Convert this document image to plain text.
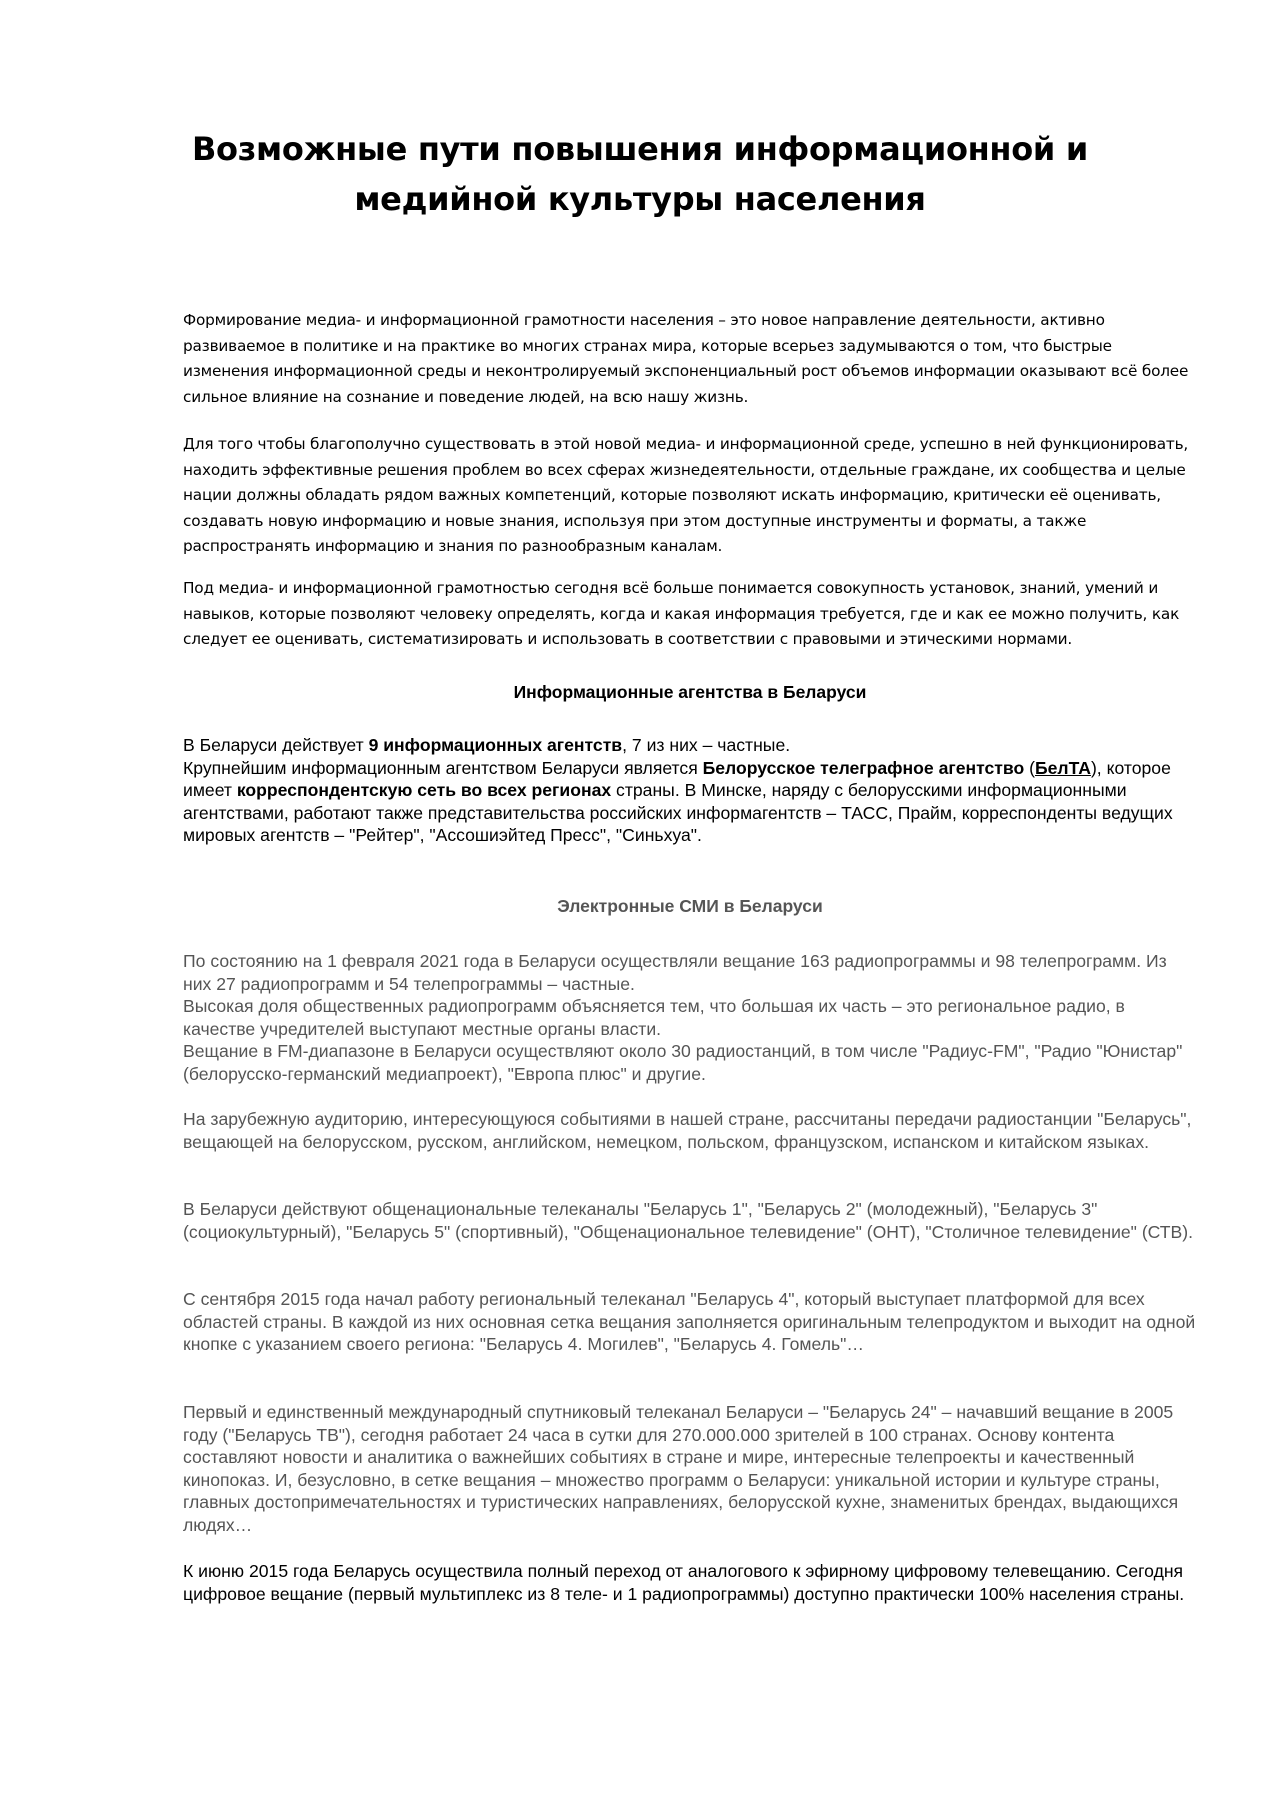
Возможные пути повышения информационной и
медийной культуры населения

Формирование медиа- и информационной грамотности населения – это новое направление деятельности, активно развиваемое в политике и на практике во многих странах мира, которые всерьез задумываются о том, что быстрые изменения информационной среды и неконтролируемый экспоненциальный рост объемов информации оказывают всё более сильное влияние на сознание и поведение людей, на всю нашу жизнь.

Для того чтобы благополучно существовать в этой новой медиа- и информационной среде, успешно в ней функционировать, находить эффективные решения проблем во всех сферах жизнедеятельности, отдельные граждане, их сообщества и целые нации должны обладать рядом важных компетенций, которые позволяют искать информацию, критически её оценивать, создавать новую информацию и новые знания, используя при этом доступные инструменты и форматы, а также распространять информацию и знания по разнообразным каналам.

Под медиа- и информационной грамотностью сегодня всё больше понимается совокупность установок, знаний, умений и навыков, которые позволяют человеку определять, когда и какая информация требуется, где и как ее можно получить, как следует ее оценивать, систематизировать и использовать в соответствии с правовыми и этическими нормами.

Информационные агентства в Беларуси

В Беларуси действует 9 информационных агентств, 7 из них – частные.

Крупнейшим информационным агентством Беларуси является Белорусское телеграфное агентство (БелТА), которое имеет корреспондентскую сеть во всех регионах страны. В Минске, наряду с белорусскими информационными агентствами, работают также представительства российских информагентств – ТАСС, Прайм, корреспонденты ведущих мировых агентств – "Рейтер", "Ассошиэйтед Пресс", "Синьхуа".

Электронные СМИ в Беларуси

По состоянию на 1 февраля 2021 года в Беларуси осуществляли вещание 163 радиопрограммы и 98 телепрограмм. Из них 27 радиопрограмм и 54 телепрограммы – частные.

Высокая доля общественных радиопрограмм объясняется тем, что большая их часть – это региональное радио, в качестве учредителей выступают местные органы власти.

Вещание в FM-диапазоне в Беларуси осуществляют около 30 радиостанций, в том числе "Радиус-FM", "Радио "Юнистар" (белорусско-германский медиапроект), "Европа плюс" и другие.

На зарубежную аудиторию, интересующуюся событиями в нашей стране, рассчитаны передачи радиостанции "Беларусь", вещающей на белорусском, русском, английском, немецком, польском, французском, испанском и китайском языках.

В Беларуси действуют общенациональные телеканалы "Беларусь 1", "Беларусь 2" (молодежный), "Беларусь 3" (социокультурный), "Беларусь 5" (спортивный), "Общенациональное телевидение" (ОНТ), "Столичное телевидение" (СТВ).

С сентября 2015 года начал работу региональный телеканал "Беларусь 4", который выступает платформой для всех областей страны. В каждой из них основная сетка вещания заполняется оригинальным телепродуктом и выходит на одной кнопке с указанием своего региона: "Беларусь 4. Могилев", "Беларусь 4. Гомель"…

Первый и единственный международный спутниковый телеканал Беларуси – "Беларусь 24" – начавший вещание в 2005 году ("Беларусь ТВ"), сегодня работает 24 часа в сутки для 270.000.000 зрителей в 100 странах. Основу контента составляют новости и аналитика о важнейших событиях в стране и мире, интересные телепроекты и качественный кинопоказ. И, безусловно, в сетке вещания – множество программ о Беларуси: уникальной истории и культуре страны, главных достопримечательностях и туристических направлениях, белорусской кухне, знаменитых брендах, выдающихся людях…

К июню 2015 года Беларусь осуществила полный переход от аналогового к эфирному цифровому телевещанию. Сегодня цифровое вещание (первый мультиплекс из 8 теле- и 1 радиопрограммы) доступно практически 100% населения страны.
